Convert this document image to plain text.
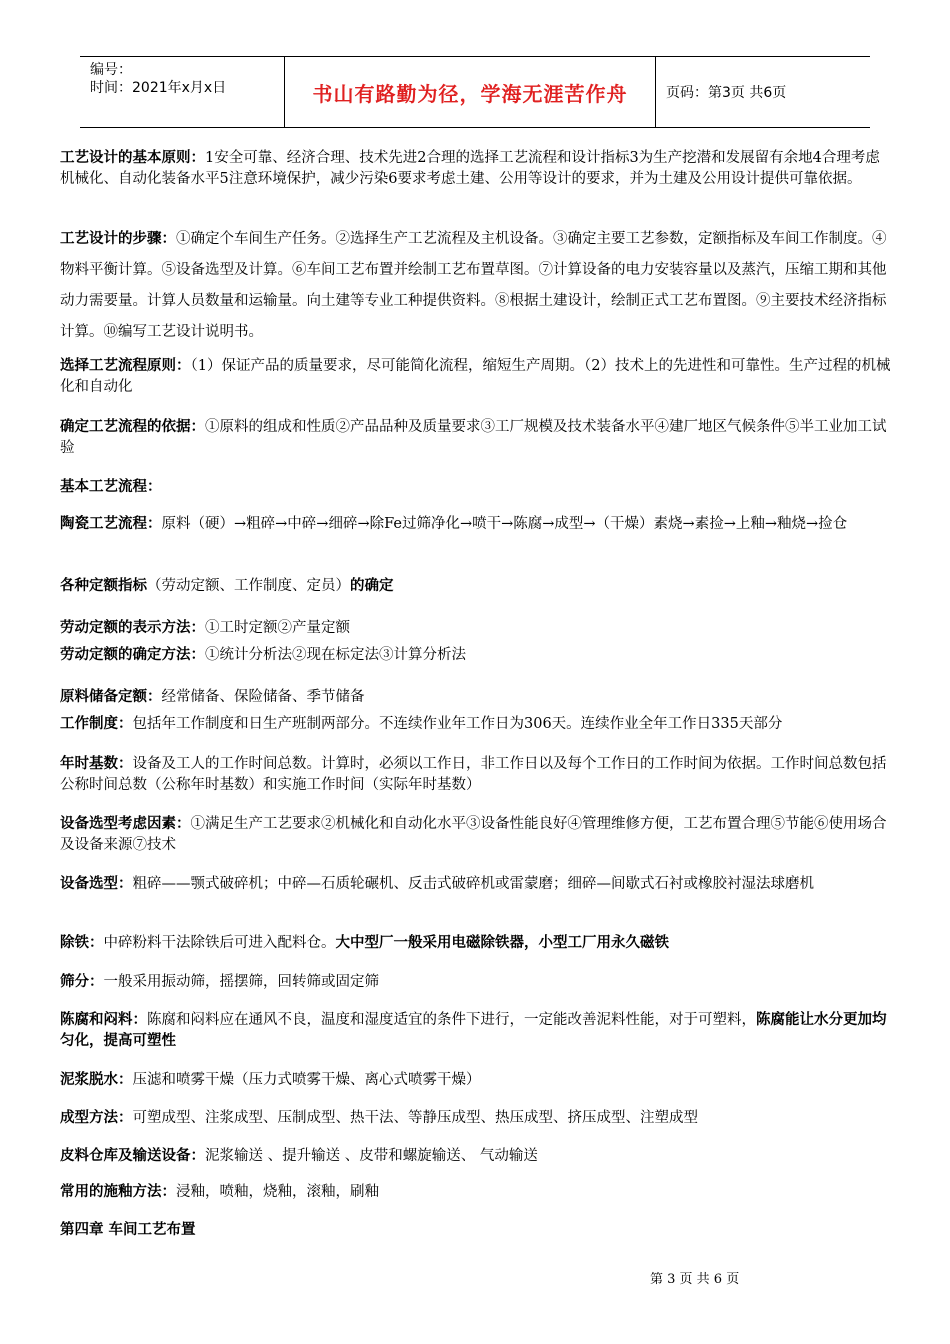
编号：
时间：2021年x月x日	书山有路勤为径，学海无涯苦作舟	页码：第3页 共6页
工艺设计的基本原则：1安全可靠、经济合理、技术先进2合理的选择工艺流程和设计指标3为生产挖潜和发展留有余地4合理考虑机械化、自动化装备水平5注意环境保护，减少污染6要求考虑土建、公用等设计的要求，并为土建及公用设计提供可靠依据。
工艺设计的步骤：①确定个车间生产任务。②选择生产工艺流程及主机设备。③确定主要工艺参数，定额指标及车间工作制度。④物料平衡计算。⑤设备选型及计算。⑥车间工艺布置并绘制工艺布置草图。⑦计算设备的电力安装容量以及蒸汽，压缩工期和其他动力需要量。计算人员数量和运输量。向土建等专业工种提供资料。⑧根据土建设计，绘制正式工艺布置图。⑨主要技术经济指标计算。⑩编写工艺设计说明书。
选择工艺流程原则：（1）保证产品的质量要求，尽可能简化流程，缩短生产周期。（2）技术上的先进性和可靠性。生产过程的机械化和自动化
确定工艺流程的依据：①原料的组成和性质②产品品种及质量要求③工厂规模及技术装备水平④建厂地区气候条件⑤半工业加工试验
基本工艺流程：
陶瓷工艺流程：原料（硬）→粗碎→中碎→细碎→除Fe过筛净化→喷干→陈腐→成型→（干燥）素烧→素捡→上釉→釉烧→捡仓
各种定额指标（劳动定额、工作制度、定员）的确定
劳动定额的表示方法：①工时定额②产量定额
劳动定额的确定方法：①统计分析法②现在标定法③计算分析法
原料储备定额：经常储备、保险储备、季节储备
工作制度：包括年工作制度和日生产班制两部分。不连续作业年工作日为306天。连续作业全年工作日335天部分
年时基数：设备及工人的工作时间总数。计算时，必须以工作日，非工作日以及每个工作日的工作时间为依据。工作时间总数包括公称时间总数（公称年时基数）和实施工作时间（实际年时基数）
设备选型考虑因素：①满足生产工艺要求②机械化和自动化水平③设备性能良好④管理维修方便，工艺布置合理⑤节能⑥使用场合及设备来源⑦技术
设备选型：粗碎——颚式破碎机；中碎—石质轮碾机、反击式破碎机或雷蒙磨；细碎—间歇式石衬或橡胶衬湿法球磨机
除铁：中碎粉料干法除铁后可进入配料仓。大中型厂一般采用电磁除铁器，小型工厂用永久磁铁
筛分：一般采用振动筛，摇摆筛，回转筛或固定筛
陈腐和闷料：陈腐和闷料应在通风不良，温度和湿度适宜的条件下进行，一定能改善泥料性能，对于可塑料，陈腐能让水分更加均匀化，提高可塑性
泥浆脱水：压滤和喷雾干燥（压力式喷雾干燥、离心式喷雾干燥）
成型方法：可塑成型、注浆成型、压制成型、热干法、等静压成型、热压成型、挤压成型、注塑成型
皮料仓库及输送设备：泥浆输送 、提升输送 、皮带和螺旋输送、 气动输送
常用的施釉方法：浸釉，喷釉，烧釉，滚釉，刷釉
第四章 车间工艺布置
第 3 页 共 6 页
